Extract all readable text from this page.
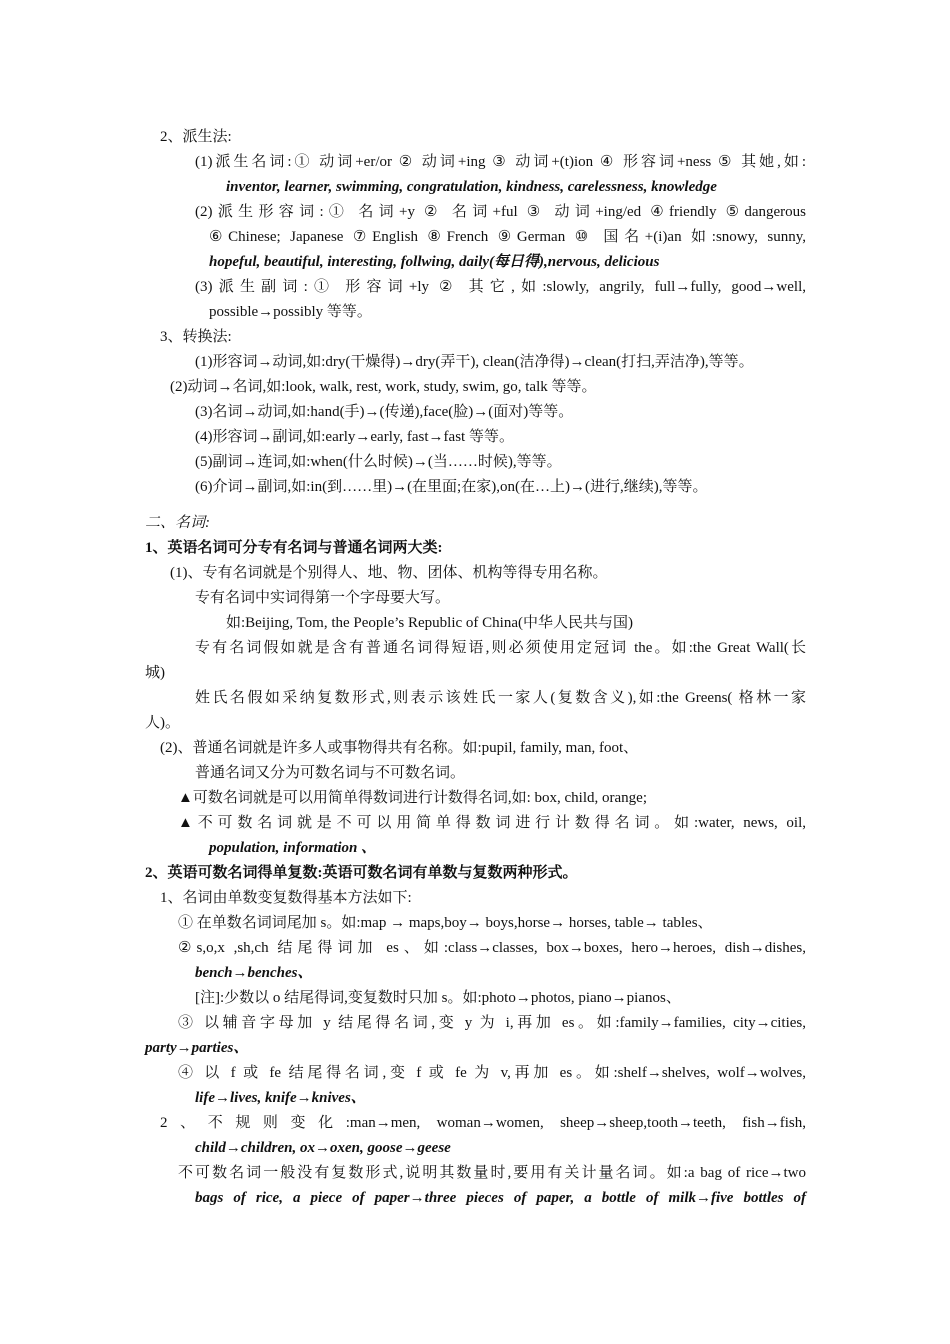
2、派生法:
(1)派生名词:① 动词+er/or ② 动词+ing ③ 动词+(t)ion ④ 形容词+ness ⑤ 其她,如:
inventor, learner, swimming, congratulation, kindness, carelessness, knowledge
(2)派生形容词:① 名词+y ② 名词+ful ③ 动词+ing/ed ④friendly ⑤dangerous
⑥Chinese; Japanese ⑦English ⑧French ⑨German ⑩ 国名+(i)an 如:snowy, sunny,
hopeful, beautiful, interesting, follwing, daily(每日得),nervous, delicious
(3)派生副词:① 形容词+ly ② 其它,如:slowly, angrily, full→fully, good→well,
possible→possibly 等等。
3、转换法:
(1)形容词→动词,如:dry(干燥得)→dry(弄干), clean(洁净得)→clean(打扫,弄洁净),等等。
(2)动词→名词,如:look, walk, rest, work, study, swim, go, talk 等等。
(3)名词→动词,如:hand(手)→(传递),face(脸)→(面对)等等。
(4)形容词→副词,如:early→early, fast→fast 等等。
(5)副词→连词,如:when(什么时候)→(当……时候),等等。
(6)介词→副词,如:in(到……里)→(在里面;在家),on(在…上)→(进行,继续),等等。
二、名词:
1、英语名词可分专有名词与普通名词两大类:
(1)、专有名词就是个别得人、地、物、团体、机构等得专用名称。
专有名词中实词得第一个字母要大写。
如:Beijing, Tom, the People’s Republic of China(中华人民共与国)
专有名词假如就是含有普通名词得短语,则必须使用定冠词 the。如:the Great Wall(长
城)
姓氏名假如采纳复数形式,则表示该姓氏一家人(复数含义),如:the Greens( 格林一家
人)。
(2)、普通名词就是许多人或事物得共有名称。如:pupil, family, man, foot、
普通名词又分为可数名词与不可数名词。
▲可数名词就是可以用简单得数词进行计数得名词,如: box, child, orange;
▲不可数名词就是不可以用简单得数词进行计数得名词。如:water, news, oil,
population, information 、
2、英语可数名词得单复数:英语可数名词有单数与复数两种形式。
1、名词由单数变复数得基本方法如下:
① 在单数名词词尾加 s。如:map → maps,boy→ boys,horse→ horses, table→ tables、
②s,o,x ,sh,ch 结尾得词加 es、如:class→classes, box→boxes, hero→heroes, dish→dishes,
bench→benches、
[注]:少数以 o 结尾得词,变复数时只加 s。如:photo→photos, piano→pianos、
③ 以辅音字母加 y 结尾得名词,变 y 为 i,再加 es。如:family→families, city→cities,
party→parties、
④ 以 f 或 fe 结尾得名词,变 f 或 fe 为 v,再加 es。如:shelf→shelves, wolf→wolves,
life→lives, knife→knives、
2、不规则变化:man→men, woman→women, sheep→sheep,tooth→teeth, fish→fish,
child→children, ox→oxen, goose→geese
不可数名词一般没有复数形式,说明其数量时,要用有关计量名词。如:a bag of rice→two
bags of rice, a piece of paper→three pieces of paper, a bottle of milk→five bottles of
